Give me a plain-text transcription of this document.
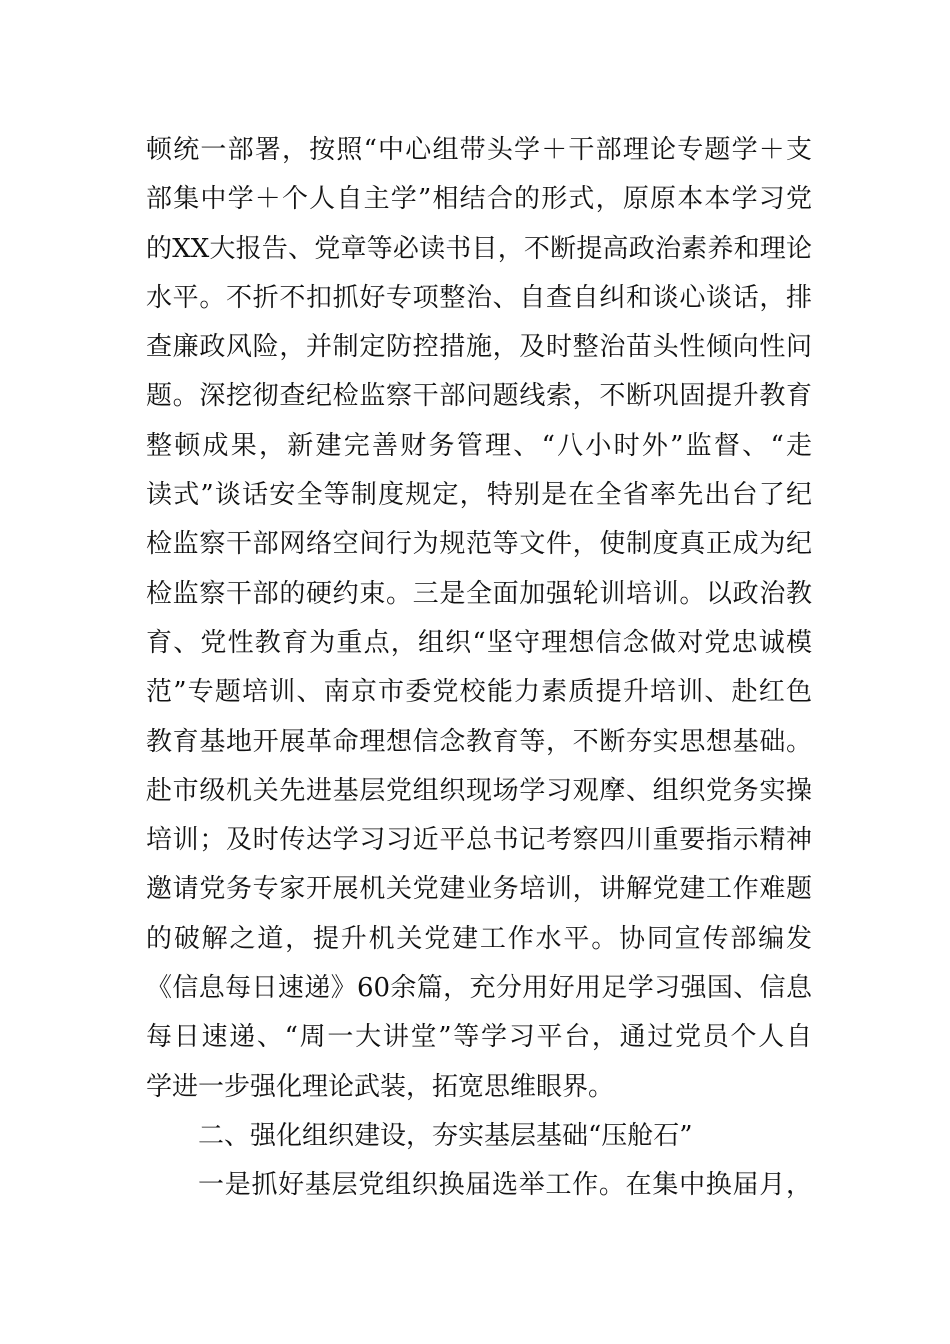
顿统一部署，按照“中心组带头学＋干部理论专题学＋支
部集中学＋个人自主学”相结合的形式，原原本本学习党
的XX大报告、党章等必读书目，不断提高政治素养和理论
水平。不折不扣抓好专项整治、自查自纠和谈心谈话，排
查廉政风险，并制定防控措施，及时整治苗头性倾向性问
题。深挖彻查纪检监察干部问题线索，不断巩固提升教育
整顿成果，新建完善财务管理、“八小时外”监督、“走
读式”谈话安全等制度规定，特别是在全省率先出台了纪
检监察干部网络空间行为规范等文件，使制度真正成为纪
检监察干部的硬约束。三是全面加强轮训培训。以政治教
育、党性教育为重点，组织“坚守理想信念做对党忠诚模
范”专题培训、南京市委党校能力素质提升培训、赴红色
教育基地开展革命理想信念教育等，不断夯实思想基础。
赴市级机关先进基层党组织现场学习观摩、组织党务实操
培训；及时传达学习习近平总书记考察四川重要指示精神
邀请党务专家开展机关党建业务培训，讲解党建工作难题
的破解之道，提升机关党建工作水平。协同宣传部编发
《信息每日速递》60余篇，充分用好用足学习强国、信息
每日速递、“周一大讲堂”等学习平台，通过党员个人自
学进一步强化理论武装，拓宽思维眼界。
二、强化组织建设，夯实基层基础“压舱石”
一是抓好基层党组织换届选举工作。在集中换届月，
